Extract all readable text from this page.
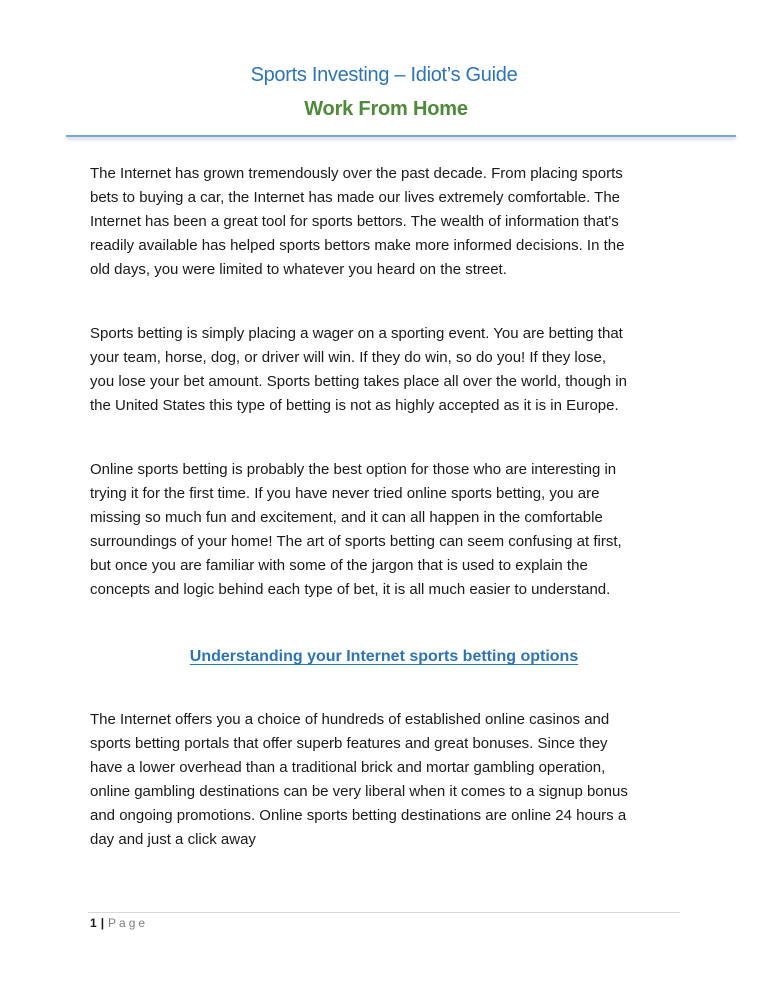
Sports Investing – Idiot’s Guide
Work From Home
The Internet has grown tremendously over the past decade. From placing sports
bets to buying a car, the Internet has made our lives extremely comfortable. The
Internet has been a great tool for sports bettors. The wealth of information that's
readily available has helped sports bettors make more informed decisions. In the
old days, you were limited to whatever you heard on the street.
Sports betting is simply placing a wager on a sporting event. You are betting that
your team, horse, dog, or driver will win. If they do win, so do you! If they lose,
you lose your bet amount. Sports betting takes place all over the world, though in
the United States this type of betting is not as highly accepted as it is in Europe.
Online sports betting is probably the best option for those who are interesting in
trying it for the first time. If you have never tried online sports betting, you are
missing so much fun and excitement, and it can all happen in the comfortable
surroundings of your home! The art of sports betting can seem confusing at first,
but once you are familiar with some of the jargon that is used to explain the
concepts and logic behind each type of bet, it is all much easier to understand.
Understanding your Internet sports betting options
The Internet offers you a choice of hundreds of established online casinos and
sports betting portals that offer superb features and great bonuses. Since they
have a lower overhead than a traditional brick and mortar gambling operation,
online gambling destinations can be very liberal when it comes to a signup bonus
and ongoing promotions. Online sports betting destinations are online 24 hours a
day and just a click away
1 | Page
